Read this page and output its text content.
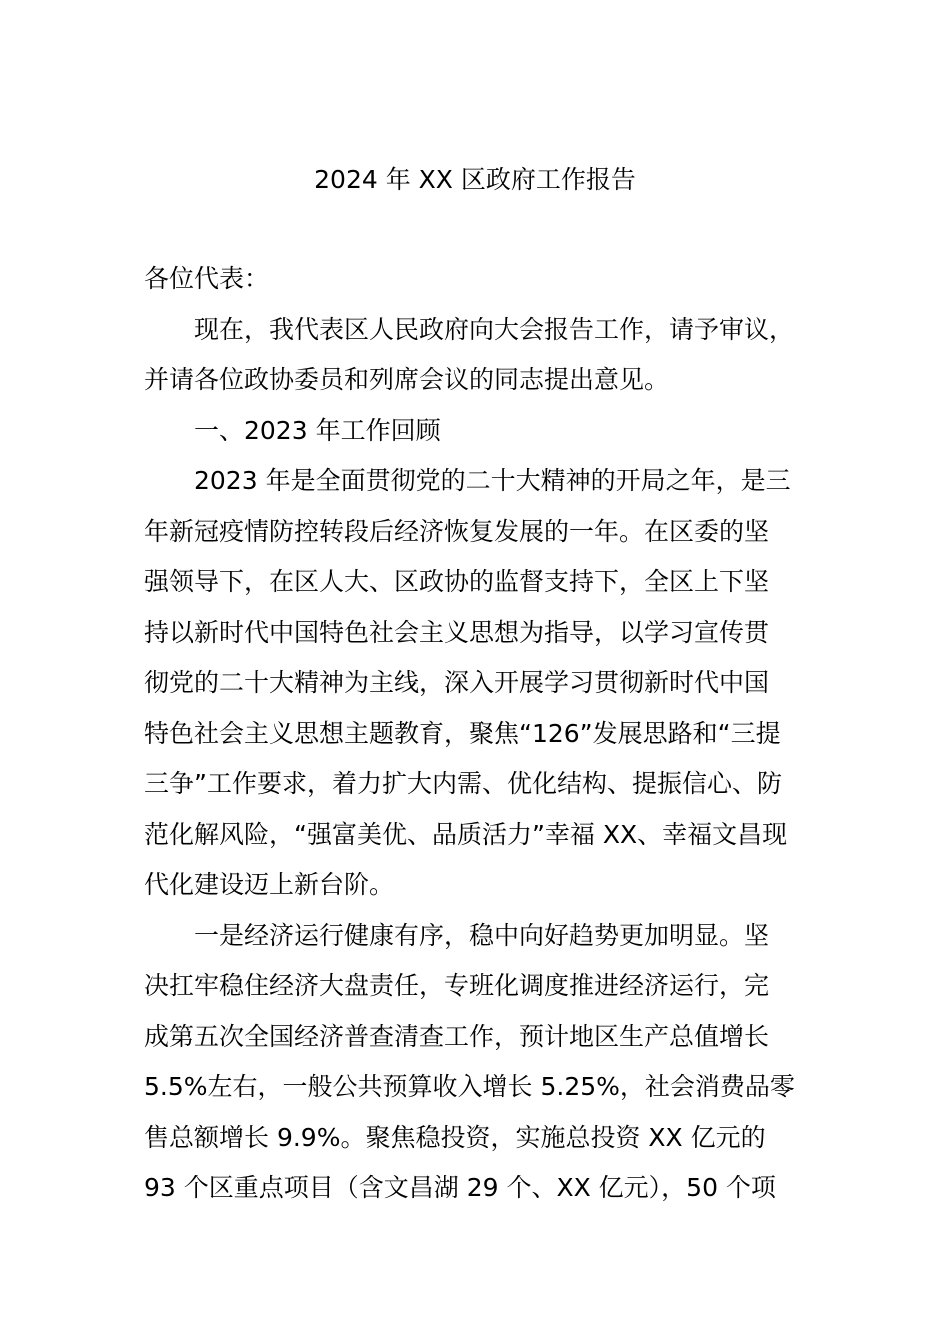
2024 年 XX 区政府工作报告

各位代表：

现在，我代表区人民政府向大会报告工作，请予审议，
并请各位政协委员和列席会议的同志提出意见。

一、2023 年工作回顾

2023 年是全面贯彻党的二十大精神的开局之年，是三
年新冠疫情防控转段后经济恢复发展的一年。在区委的坚
强领导下，在区人大、区政协的监督支持下，全区上下坚
持以新时代中国特色社会主义思想为指导，以学习宣传贯
彻党的二十大精神为主线，深入开展学习贯彻新时代中国
特色社会主义思想主题教育，聚焦“126”发展思路和“三提
三争”工作要求，着力扩大内需、优化结构、提振信心、防
范化解风险，“强富美优、品质活力”幸福 XX、幸福文昌现
代化建设迈上新台阶。

一是经济运行健康有序，稳中向好趋势更加明显。坚
决扛牢稳住经济大盘责任，专班化调度推进经济运行，完
成第五次全国经济普查清查工作，预计地区生产总值增长
5.5%左右，一般公共预算收入增长 5.25%，社会消费品零
售总额增长 9.9%。聚焦稳投资，实施总投资 XX 亿元的
93 个区重点项目（含文昌湖 29 个、XX 亿元），50 个项
